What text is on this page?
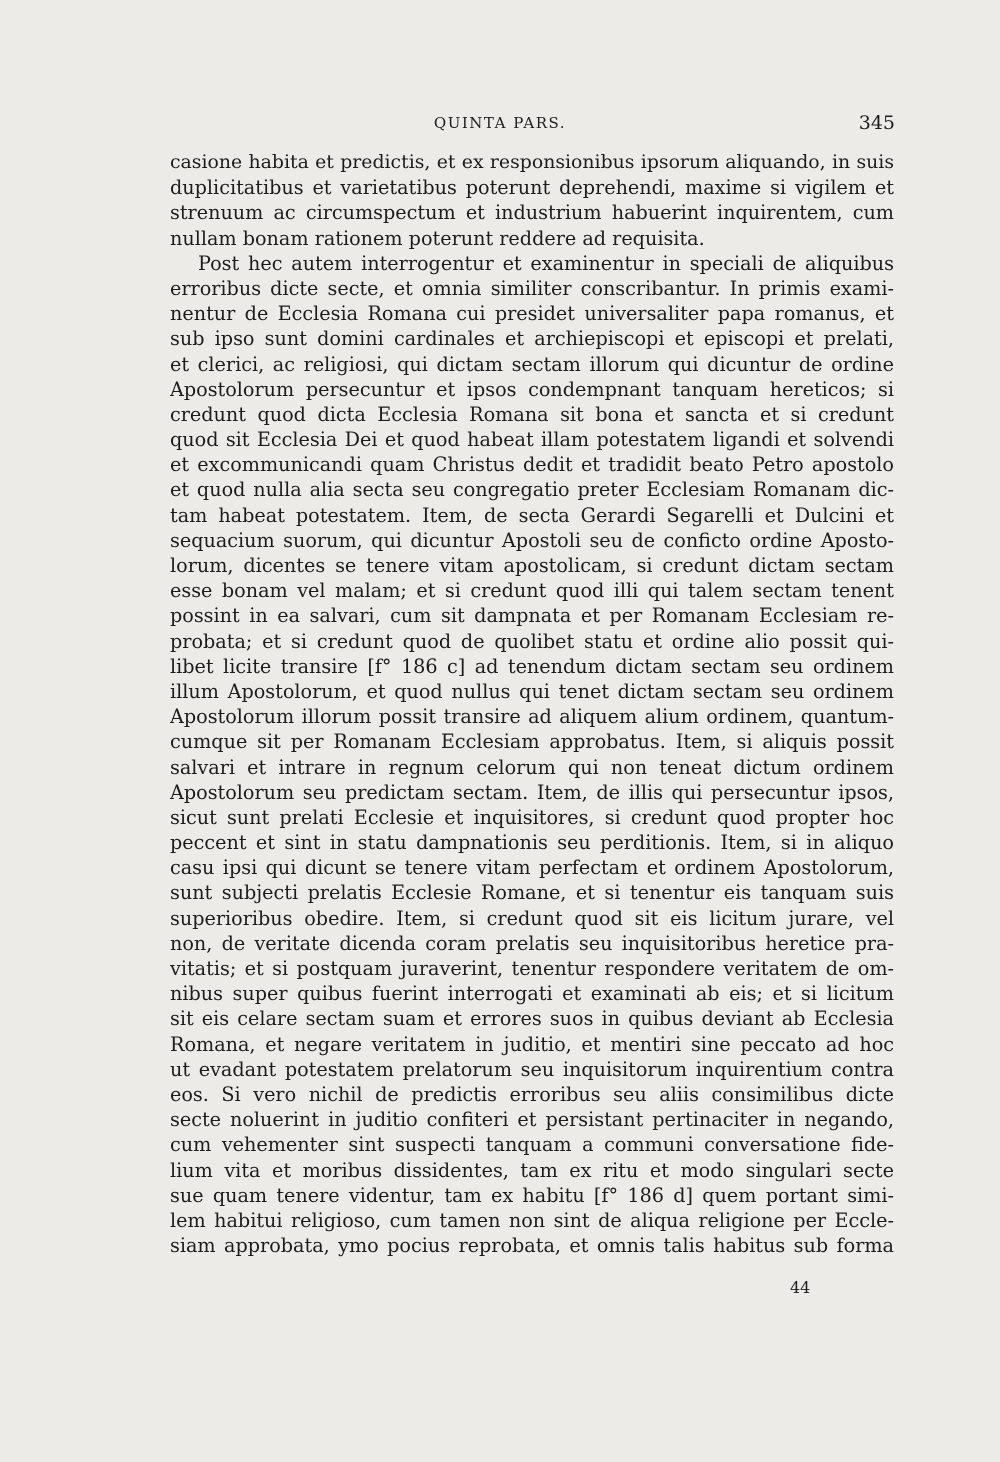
QUINTA PARS.	345
casione habita et predictis, et ex responsionibus ipsorum aliquando, in suis
duplicitatibus et varietatibus poterunt deprehendi, maxime si vigilem et
strenuum ac circumspectum et industrium habuerint inquirentem, cum
nullam bonam rationem poterunt reddere ad requisita.
Post hec autem interrogentur et examinentur in speciali de aliquibus
erroribus dicte secte, et omnia similiter conscribantur. In primis exami-
nentur de Ecclesia Romana cui presidet universaliter papa romanus, et
sub ipso sunt domini cardinales et archiepiscopi et episcopi et prelati,
et clerici, ac religiosi, qui dictam sectam illorum qui dicuntur de ordine
Apostolorum persecuntur et ipsos condempnant tanquam hereticos; si
credunt quod dicta Ecclesia Romana sit bona et sancta et si credunt
quod sit Ecclesia Dei et quod habeat illam potestatem ligandi et solvendi
et excommunicandi quam Christus dedit et tradidit beato Petro apostolo
et quod nulla alia secta seu congregatio preter Ecclesiam Romanam dic-
tam habeat potestatem. Item, de secta Gerardi Segarelli et Dulcini et
sequacium suorum, qui dicuntur Apostoli seu de conficto ordine Aposto-
lorum, dicentes se tenere vitam apostolicam, si credunt dictam sectam
esse bonam vel malam; et si credunt quod illi qui talem sectam tenent
possint in ea salvari, cum sit dampnata et per Romanam Ecclesiam re-
probata; et si credunt quod de quolibet statu et ordine alio possit qui-
libet licite transire [f° 186 c] ad tenendum dictam sectam seu ordinem
illum Apostolorum, et quod nullus qui tenet dictam sectam seu ordinem
Apostolorum illorum possit transire ad aliquem alium ordinem, quantum-
cumque sit per Romanam Ecclesiam approbatus. Item, si aliquis possit
salvari et intrare in regnum celorum qui non teneat dictum ordinem
Apostolorum seu predictam sectam. Item, de illis qui persecuntur ipsos,
sicut sunt prelati Ecclesie et inquisitores, si credunt quod propter hoc
peccent et sint in statu dampnationis seu perditionis. Item, si in aliquo
casu ipsi qui dicunt se tenere vitam perfectam et ordinem Apostolorum,
sunt subjecti prelatis Ecclesie Romane, et si tenentur eis tanquam suis
superioribus obedire. Item, si credunt quod sit eis licitum jurare, vel
non, de veritate dicenda coram prelatis seu inquisitoribus heretice pra-
vitatis; et si postquam juraverint, tenentur respondere veritatem de om-
nibus super quibus fuerint interrogati et examinati ab eis; et si licitum
sit eis celare sectam suam et errores suos in quibus deviant ab Ecclesia
Romana, et negare veritatem in juditio, et mentiri sine peccato ad hoc
ut evadant potestatem prelatorum seu inquisitorum inquirentium contra
eos. Si vero nichil de predictis erroribus seu aliis consimilibus dicte
secte noluerint in juditio confiteri et persistant pertinaciter in negando,
cum vehementer sint suspecti tanquam a communi conversatione fide-
lium vita et moribus dissidentes, tam ex ritu et modo singulari secte
sue quam tenere videntur, tam ex habitu [f° 186 d] quem portant simi-
lem habitui religioso, cum tamen non sint de aliqua religione per Eccle-
siam approbata, ymo pocius reprobata, et omnis talis habitus sub forma
44
